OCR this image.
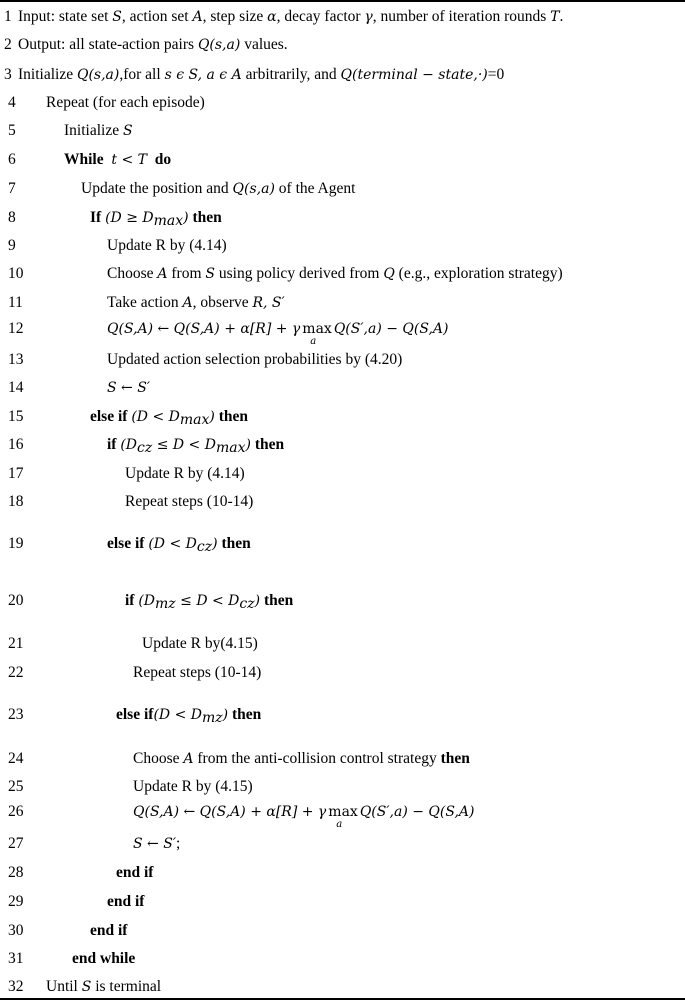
1 Input: state set S, action set A, step size α, decay factor γ, number of iteration rounds T.
2 Output: all state-action pairs Q(s,a) values.
3 Initialize Q(s,a),for all s ϵ S, a ϵ A arbitrarily, and Q(terminal − state,·)=0
4 Repeat (for each episode)
5	Initialize S
6	While t < T do
7	Update the position and Q(s,a) of the Agent
8	If $(D \ge D_{max})$ then
9	Update R by (4.14)
10	Choose A from S using policy derived from Q (e.g., exploration strategy)
11	Take action A, observe R, S′
12	Q(S,A) ← Q(S,A) + α[R] + γ max
a
Q(S′,a) − Q(S,A)
13	Updated action selection probabilities by (4.20)
14	S ← S′
15	else if $(D < D_{max})$ then
16	if $(D_{cz} \le D < D_{max})$ then
17	Update R by (4.14)
18	Repeat steps (10-14)
19	else if $(D < D_{cz})$ then
20	if $(D_{mz} \le D < D_{cz})$ then
21	Update R by(4.15)
22	Repeat steps (10-14)
23	else $if(D < D_{mz})$ then
24	Choose A from the anti-collision control strategy then
25	Update R by (4.15)
26	Q(S,A) ← Q(S,A) + α[R] + γ max
a
Q(S′,a) − Q(S,A)
27	S ← S′;
28	end if
29	end if
30	end if
31	end while
32 Until S is terminal
